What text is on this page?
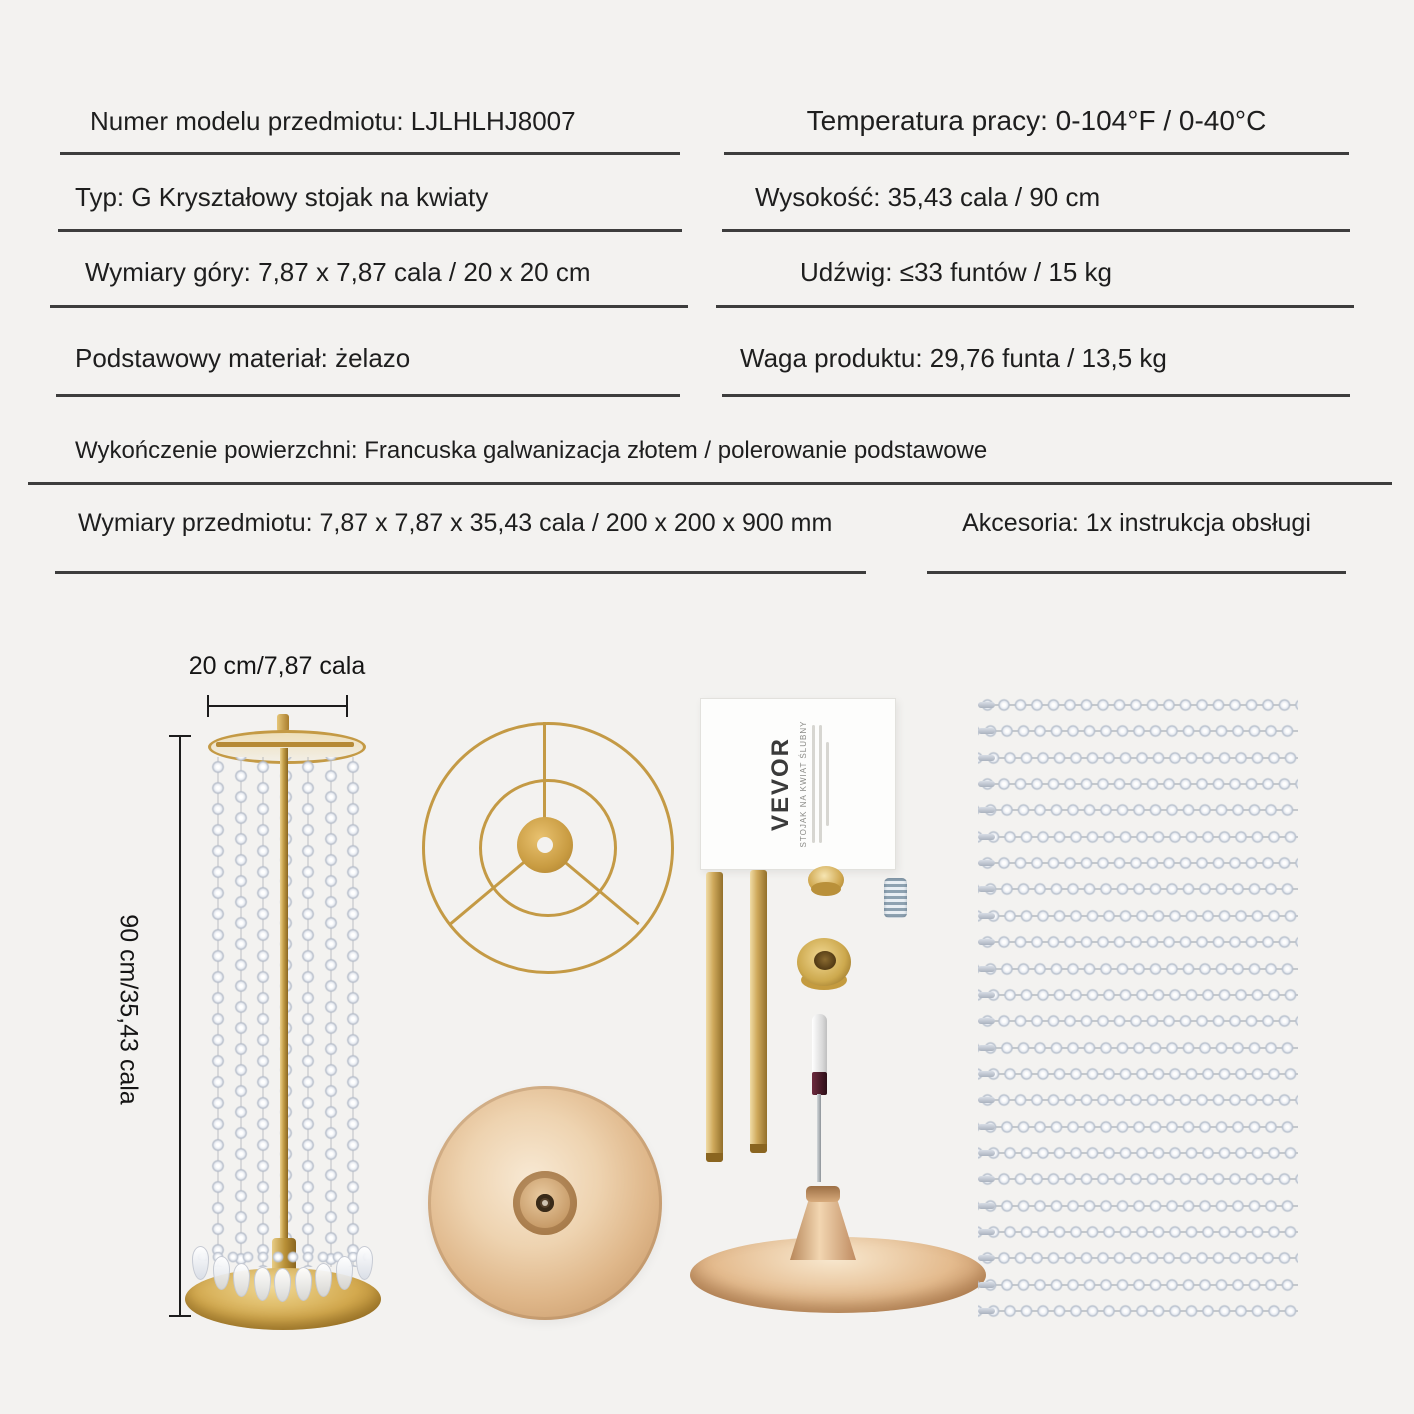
Numer modelu przedmiotu: LJLHLHJ8007	Temperatura pracy: 0-104°F / 0-40°C
Typ: G Kryształowy stojak na kwiaty	Wysokość: 35,43 cala / 90 cm
Wymiary góry: 7,87 x 7,87 cala / 20 x 20 cm	Udźwig: ≤33 funtów / 15 kg
Podstawowy materiał: żelazo	Waga produktu: 29,76 funta / 13,5 kg
Wykończenie powierzchni: Francuska galwanizacja złotem / polerowanie podstawowe
Wymiary przedmiotu: 7,87 x 7,87 x 35,43 cala / 200 x 200 x 900 mm	Akcesoria: 1x instrukcja obsługi
20 cm/7,87 cala
90 cm/35,43 cala
VEVOR STOJAK NA KWIAT ŚLUBNY
